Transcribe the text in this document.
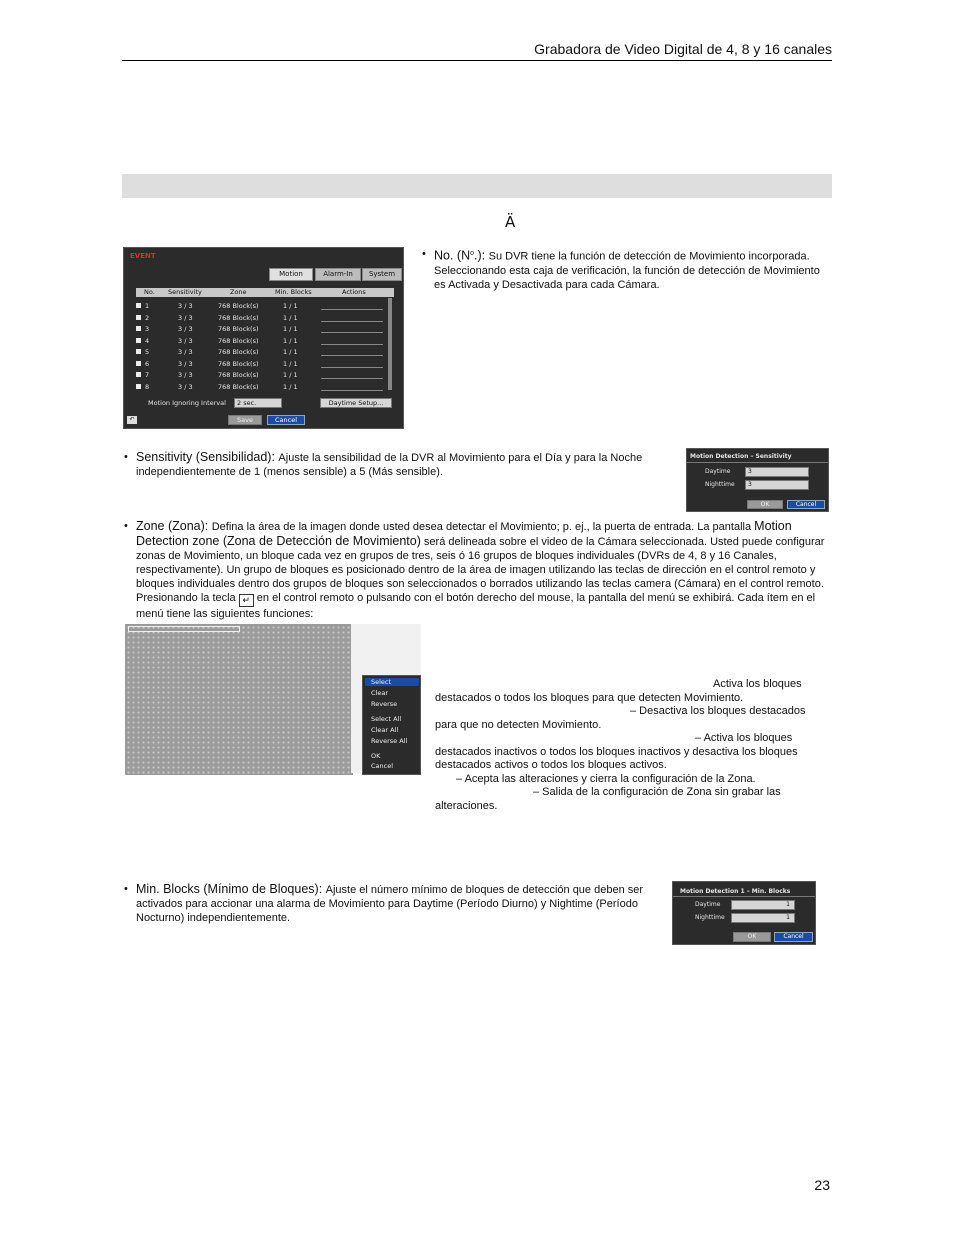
Grabadora de Video Digital de 4, 8 y 16 canales
Ä
EVENT
Motion	Alarm-In	System
No. Sensitivity	Zone	Min. Blocks	Actions
1	3 / 3	768 Block(s)	1 / 1
2	3 / 3	768 Block(s)	1 / 1
3	3 / 3	768 Block(s)	1 / 1
4	3 / 3	768 Block(s)	1 / 1
5	3 / 3	768 Block(s)	1 / 1
6	3 / 3	768 Block(s)	1 / 1
7	3 / 3	768 Block(s)	1 / 1
8	3 / 3	768 Block(s)	1 / 1
Motion Ignoring Interval	2 sec.	Daytime Setup...
↶	Save	Cancel
• No. $(N^o.)$: Su DVR tiene la función de detección de Movimiento incorporada. Seleccionando esta caja de verificación, la función de detección de Movimiento es Activada y Desactivada para cada Cámara.
• Sensitivity (Sensibilidad): Ajuste la sensibilidad de la DVR al Movimiento para el Día y para la Noche independientemente de 1 (menos sensible) a 5 (Más sensible).
Motion Detection – Sensitivity
Daytime	3
Nighttime	3
OK	Cancel
• Zone (Zona): Defina la área de la imagen donde usted desea detectar el Movimiento; p. ej., la puerta de entrada. La pantalla Motion Detection zone (Zona de Detección de Movimiento) será delineada sobre el video de la Cámara seleccionada. Usted puede configurar zonas de Movimiento, un bloque cada vez en grupos de tres, seis ó 16 grupos de bloques individuales (DVRs de 4, 8 y 16 Canales, respectivamente). Un grupo de bloques es posicionado dentro de la área de imagen utilizando las teclas de dirección en el control remoto y bloques individuales dentro dos grupos de bloques son seleccionados o borrados utilizando las teclas camera (Cámara) en el control remoto. Presionando la tecla ↵ en el control remoto o pulsando con el botón derecho del mouse, la pantalla del menú se exhibirá. Cada ítem en el menú tiene las siguientes funciones:
Select
Clear
Reverse
Select All
Clear All
Reverse All
OK
Cancel
Activa los bloques
destacados o todos los bloques para que detecten Movimiento.
– Desactiva los bloques destacados
para que no detecten Movimiento.
– Activa los bloques
destacados inactivos o todos los bloques inactivos y desactiva los bloques
destacados activos o todos los bloques activos.
– Acepta las alteraciones y cierra la configuración de la Zona.
– Salida de la configuración de Zona sin grabar las
alteraciones.
• Min. Blocks (Mínimo de Bloques): Ajuste el número mínimo de bloques de detección que deben ser activados para accionar una alarma de Movimiento para Daytime (Período Diurno) y Nightime (Período Nocturno) independientemente.
Motion Detection 1 – Min. Blocks
Daytime	1
Nighttime	1
OK	Cancel
23
